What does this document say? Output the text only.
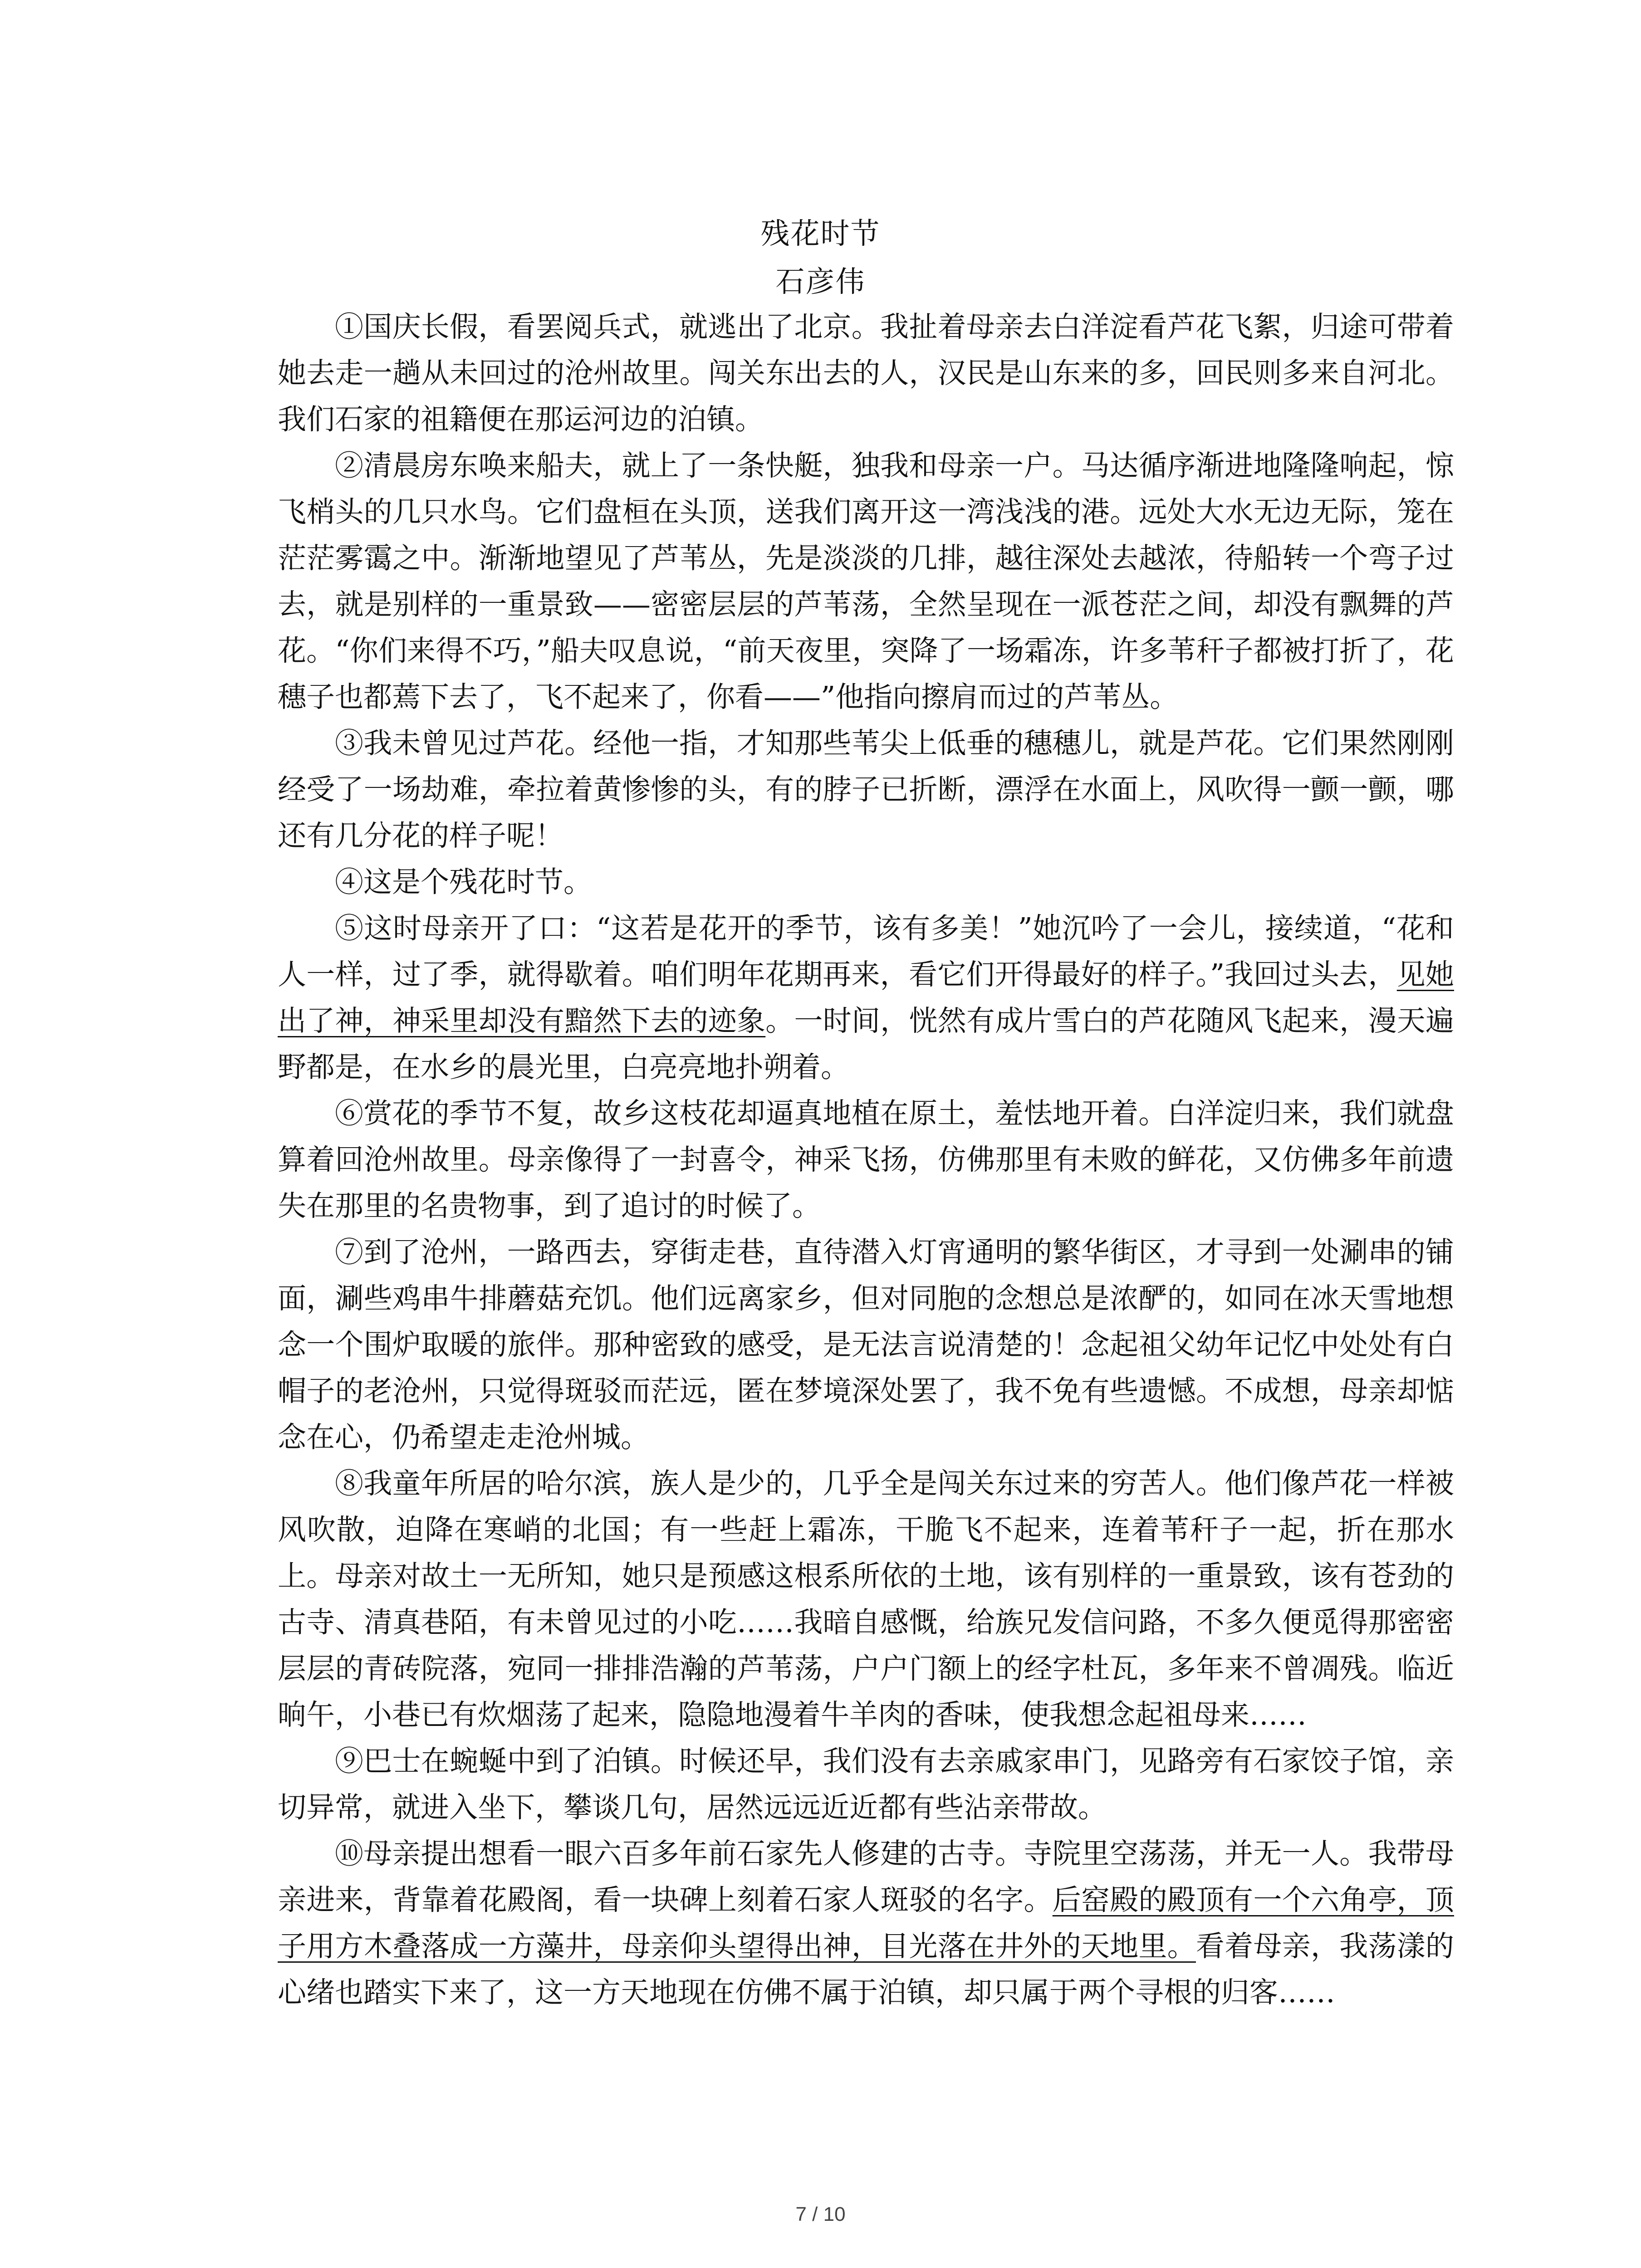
残花时节
石彦伟

①国庆长假，看罢阅兵式，就逃出了北京。我扯着母亲去白洋淀看芦花飞絮，归途可带着她去走一趟从未回过的沧州故里。闯关东出去的人，汉民是山东来的多，回民则多来自河北。我们石家的祖籍便在那运河边的泊镇。

②清晨房东唤来船夫，就上了一条快艇，独我和母亲一户。马达循序渐进地隆隆响起，惊飞梢头的几只水鸟。它们盘桓在头顶，送我们离开这一湾浅浅的港。远处大水无边无际，笼在茫茫雾霭之中。渐渐地望见了芦苇丛，先是淡淡的几排，越往深处去越浓，待船转一个弯子过去，就是别样的一重景致——密密层层的芦苇荡，全然呈现在一派苍茫之间，却没有飘舞的芦花。“你们来得不巧，”船夫叹息说，“前天夜里，突降了一场霜冻，许多苇秆子都被打折了，花穗子也都蔫下去了，飞不起来了，你看——”他指向擦肩而过的芦苇丛。

③我未曾见过芦花。经他一指，才知那些苇尖上低垂的穗穗儿，就是芦花。它们果然刚刚经受了一场劫难，牵拉着黄惨惨的头，有的脖子已折断，漂浮在水面上，风吹得一颤一颤，哪还有几分花的样子呢！

④这是个残花时节。

⑤这时母亲开了口：“这若是花开的季节，该有多美！”她沉吟了一会儿，接续道，“花和人一样，过了季，就得歇着。咱们明年花期再来，看它们开得最好的样子。”我回过头去，见她出了神，神采里却没有黯然下去的迹象。一时间，恍然有成片雪白的芦花随风飞起来，漫天遍野都是，在水乡的晨光里，白亮亮地扑朔着。

⑥赏花的季节不复，故乡这枝花却逼真地植在原土，羞怯地开着。白洋淀归来，我们就盘算着回沧州故里。母亲像得了一封喜令，神采飞扬，仿佛那里有未败的鲜花，又仿佛多年前遗失在那里的名贵物事，到了追讨的时候了。

⑦到了沧州，一路西去，穿街走巷，直待潜入灯宵通明的繁华街区，才寻到一处涮串的铺面，涮些鸡串牛排蘑菇充饥。他们远离家乡，但对同胞的念想总是浓酽的，如同在冰天雪地想念一个围炉取暖的旅伴。那种密致的感受，是无法言说清楚的！念起祖父幼年记忆中处处有白帽子的老沧州，只觉得斑驳而茫远，匿在梦境深处罢了，我不免有些遗憾。不成想，母亲却惦念在心，仍希望走走沧州城。

⑧我童年所居的哈尔滨，族人是少的，几乎全是闯关东过来的穷苦人。他们像芦花一样被风吹散，迫降在寒峭的北国；有一些赶上霜冻，干脆飞不起来，连着苇秆子一起，折在那水上。母亲对故土一无所知，她只是预感这根系所依的土地，该有别样的一重景致，该有苍劲的古寺、清真巷陌，有未曾见过的小吃……我暗自感慨，给族兄发信问路，不多久便觅得那密密层层的青砖院落，宛同一排排浩瀚的芦苇荡，户户门额上的经字杜瓦，多年来不曾凋残。临近晌午，小巷已有炊烟荡了起来，隐隐地漫着牛羊肉的香味，使我想念起祖母来……

⑨巴士在蜿蜒中到了泊镇。时候还早，我们没有去亲戚家串门，见路旁有石家饺子馆，亲切异常，就进入坐下，攀谈几句，居然远远近近都有些沾亲带故。

⑩母亲提出想看一眼六百多年前石家先人修建的古寺。寺院里空荡荡，并无一人。我带母亲进来，背靠着花殿阁，看一块碑上刻着石家人斑驳的名字。后窑殿的殿顶有一个六角亭，顶子用方木叠落成一方藻井，母亲仰头望得出神，目光落在井外的天地里。看着母亲，我荡漾的心绪也踏实下来了，这一方天地现在仿佛不属于泊镇，却只属于两个寻根的归客……

7 / 10
